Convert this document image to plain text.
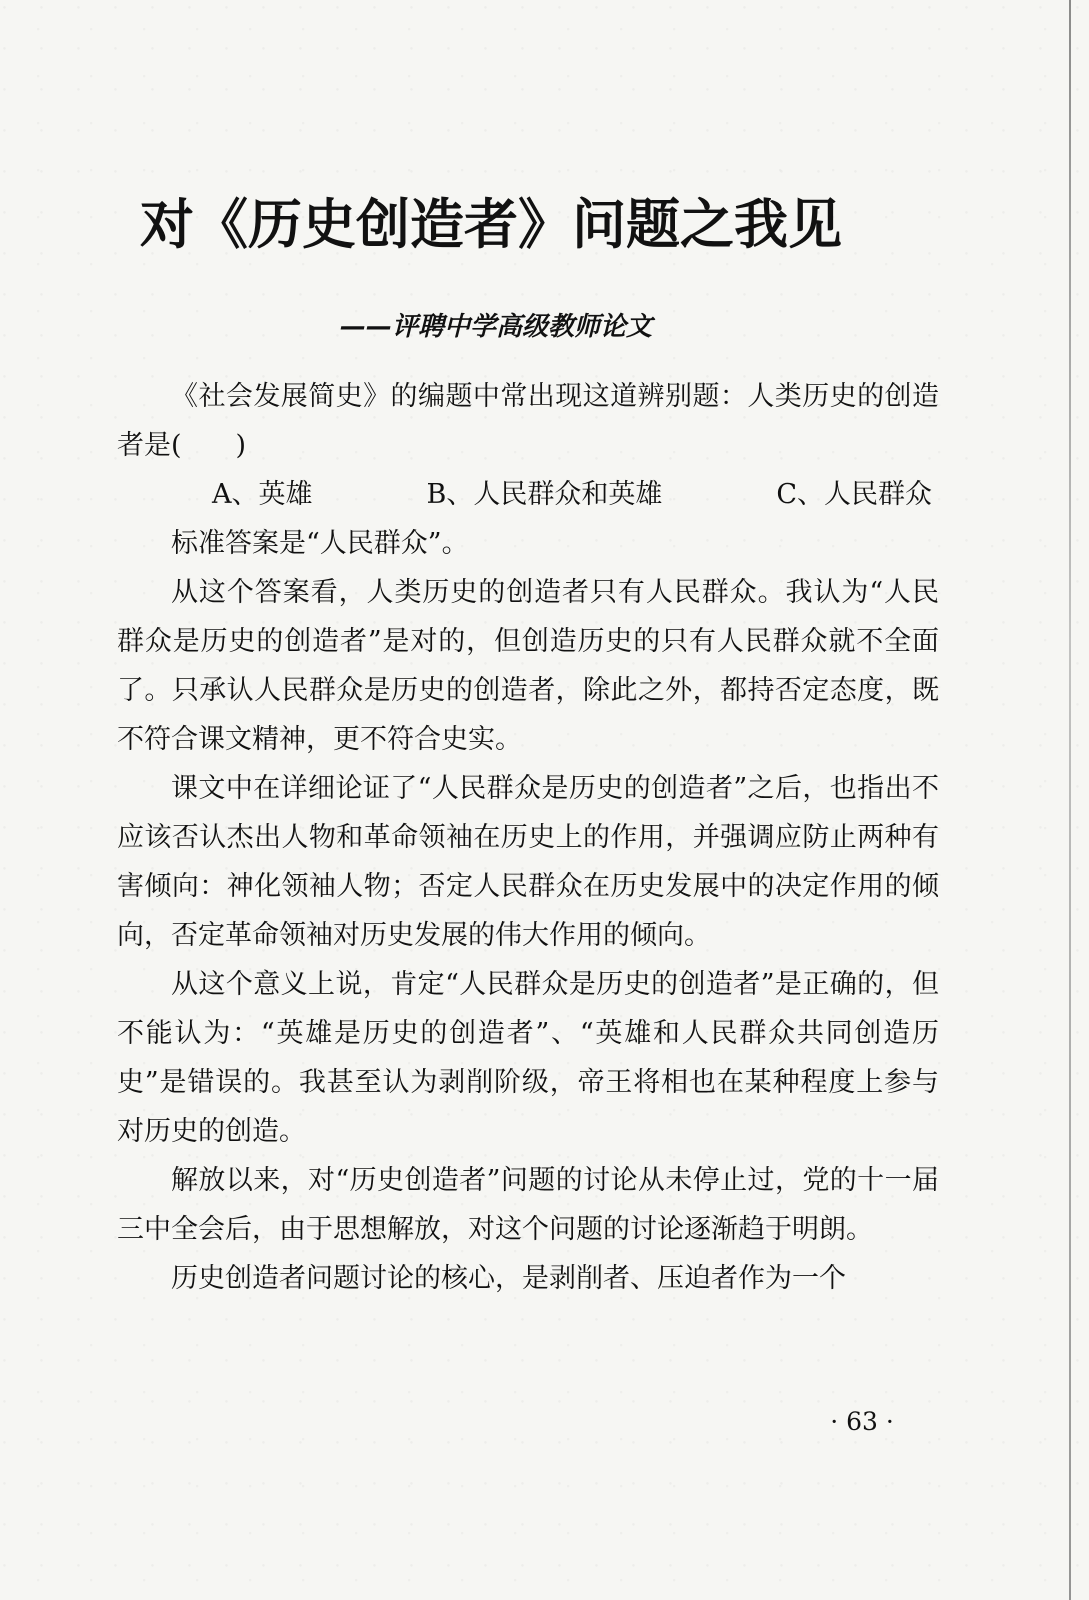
对《历史创造者》问题之我见
——评聘中学高级教师论文

《社会发展简史》的编题中常出现这道辨别题：人类历史的创造者是(　　)

A、英雄	B、人民群众和英雄	C、人民群众

标准答案是“人民群众”。

从这个答案看，人类历史的创造者只有人民群众。我认为“人民群众是历史的创造者”是对的，但创造历史的只有人民群众就不全面了。只承认人民群众是历史的创造者，除此之外，都持否定态度，既不符合课文精神，更不符合史实。

课文中在详细论证了“人民群众是历史的创造者”之后，也指出不应该否认杰出人物和革命领袖在历史上的作用，并强调应防止两种有害倾向：神化领袖人物；否定人民群众在历史发展中的决定作用的倾向，否定革命领袖对历史发展的伟大作用的倾向。

从这个意义上说，肯定“人民群众是历史的创造者”是正确的，但不能认为：“英雄是历史的创造者”、“英雄和人民群众共同创造历史”是错误的。我甚至认为剥削阶级，帝王将相也在某种程度上参与对历史的创造。

解放以来，对“历史创造者”问题的讨论从未停止过，党的十一届三中全会后，由于思想解放，对这个问题的讨论逐渐趋于明朗。

历史创造者问题讨论的核心，是剥削者、压迫者作为一个

· 63 ·
